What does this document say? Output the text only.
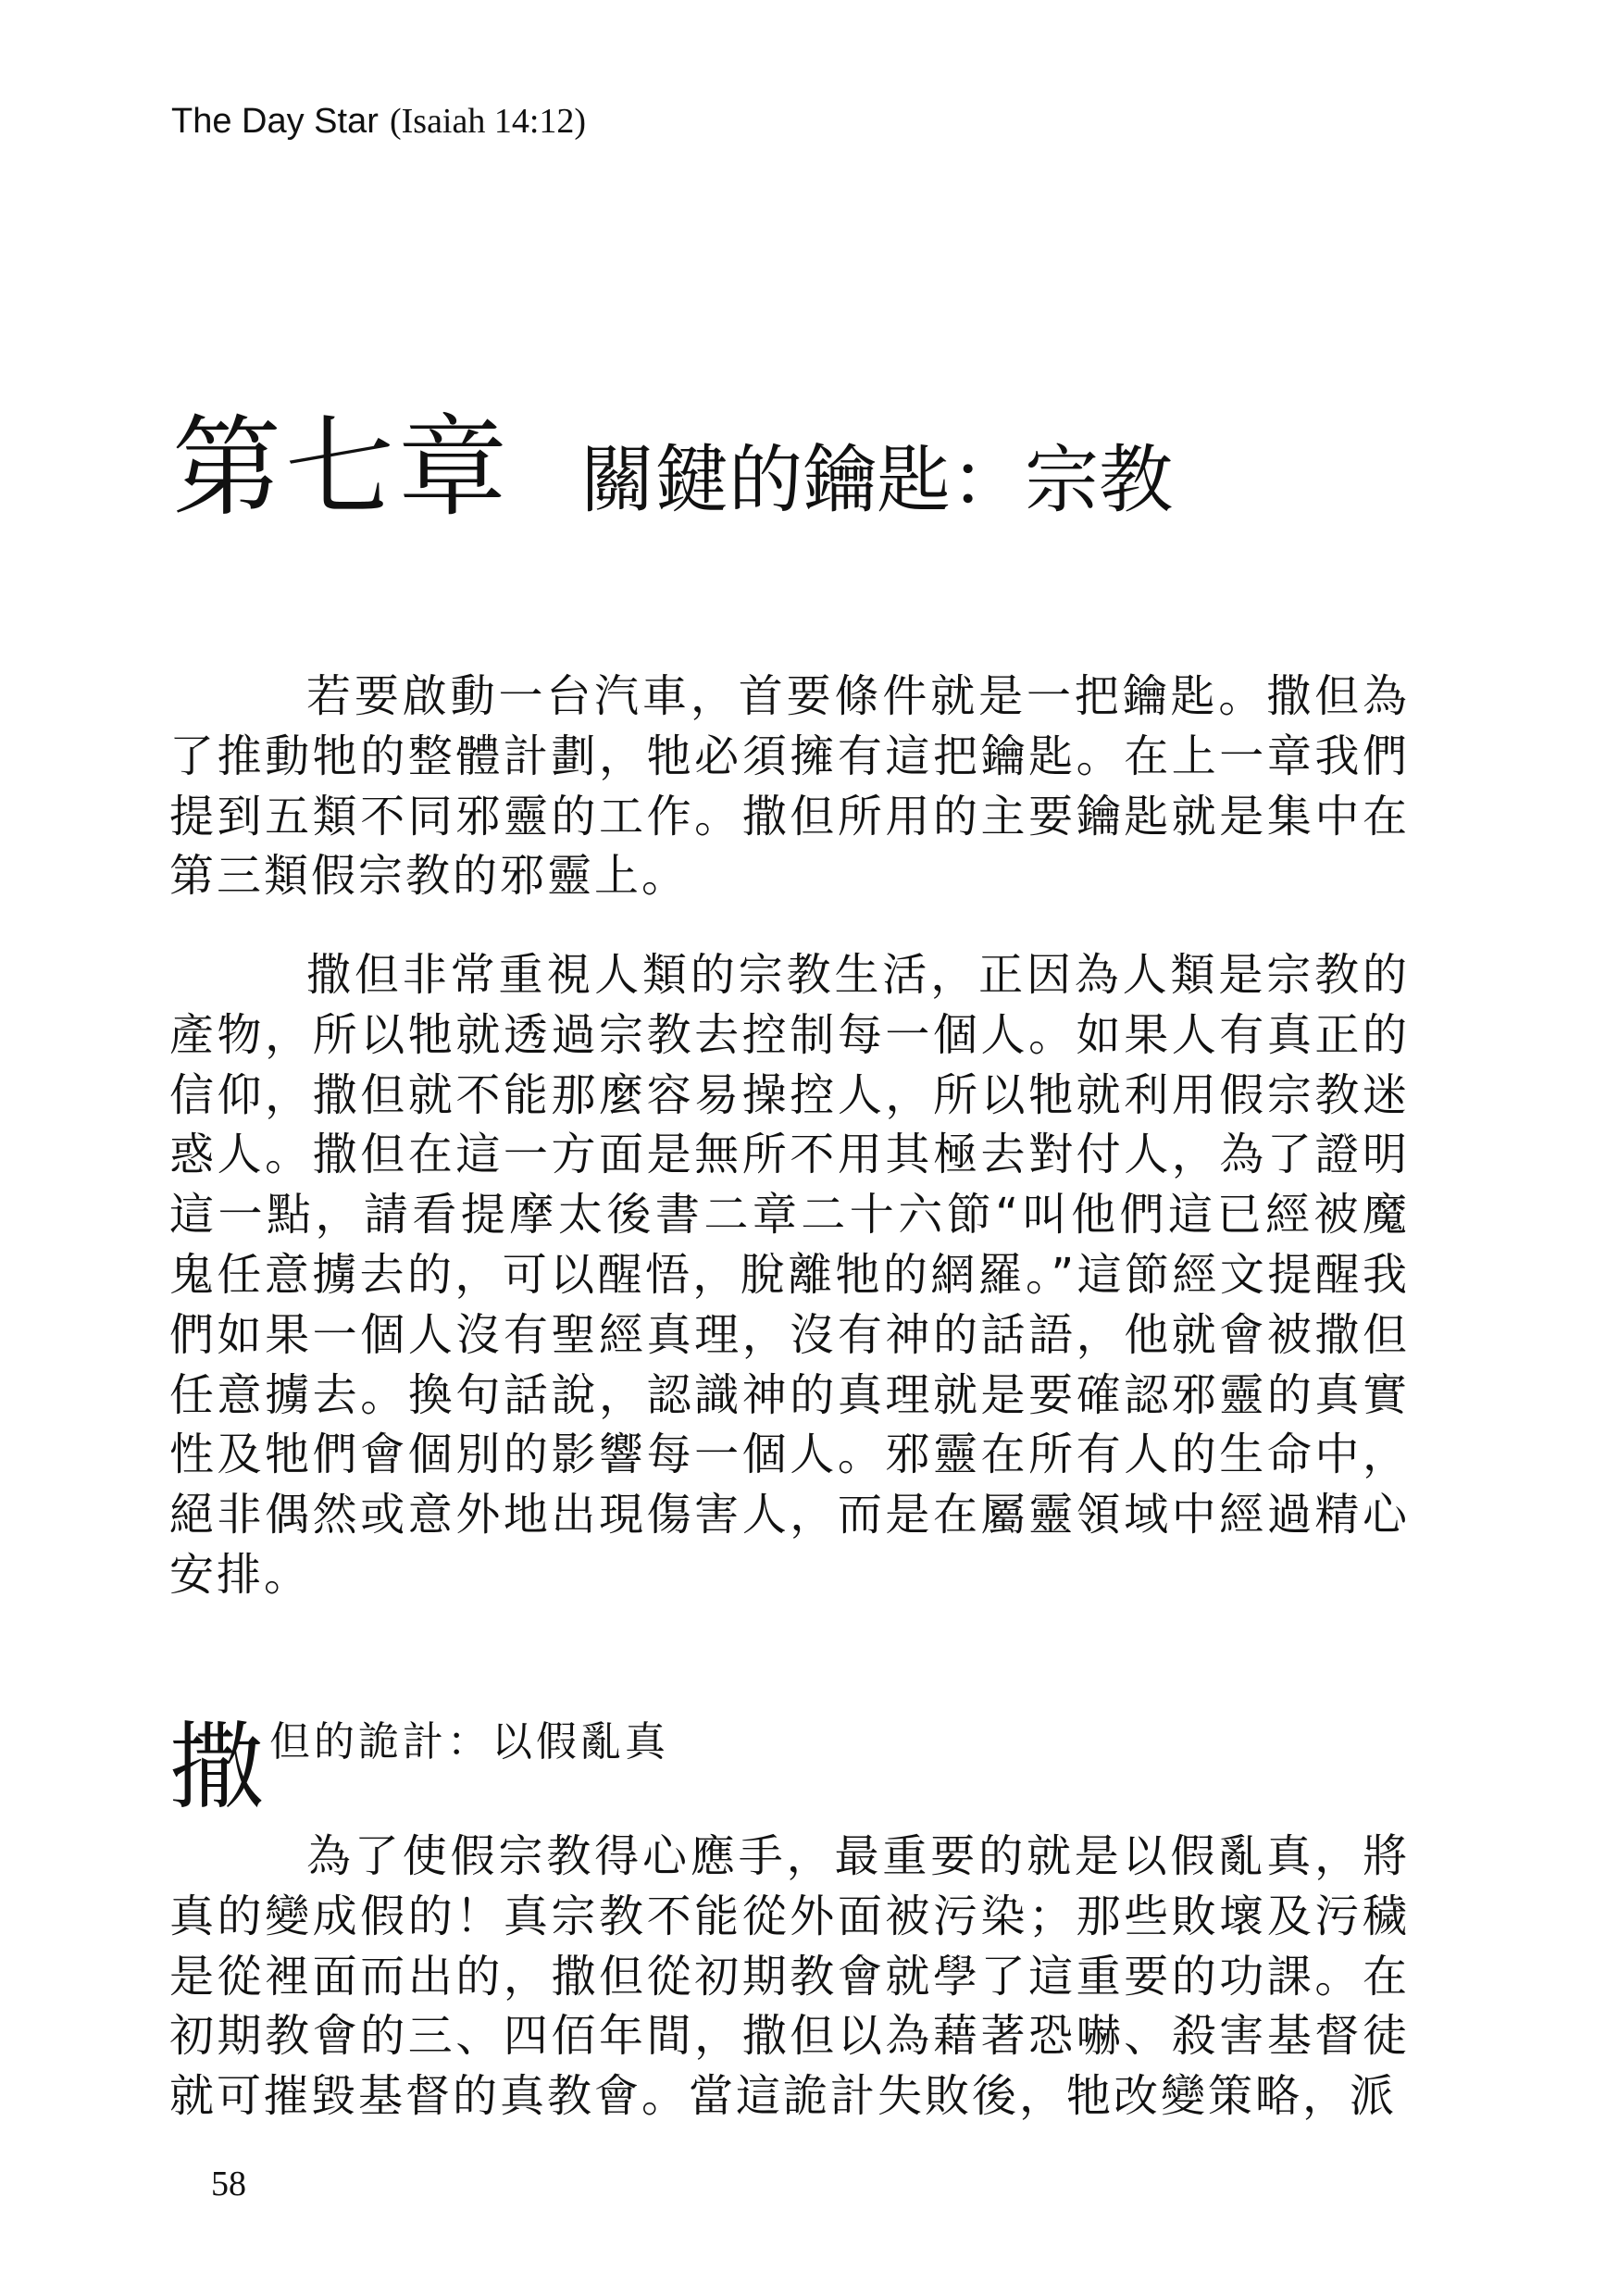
The Day Star (Isaiah 14:12)
第七章 關鍵的鑰匙：宗教

若要啟動一台汽車，首要條件就是一把鑰匙。撒但為了推動牠的整體計劃，牠必須擁有這把鑰匙。在上一章我們提到五類不同邪靈的工作。撒但所用的主要鑰匙就是集中在第三類假宗教的邪靈上。

撒但非常重視人類的宗教生活，正因為人類是宗教的產物，所以牠就透過宗教去控制每一個人。如果人有真正的信仰，撒但就不能那麼容易操控人，所以牠就利用假宗教迷惑人。撒但在這一方面是無所不用其極去對付人，為了證明這一點，請看提摩太後書二章二十六節“叫他們這已經被魔鬼任意擄去的，可以醒悟，脫離牠的網羅。”這節經文提醒我們如果一個人沒有聖經真理，沒有神的話語，他就會被撒但任意擄去。換句話說，認識神的真理就是要確認邪靈的真實性及牠們會個別的影響每一個人。邪靈在所有人的生命中，絕非偶然或意外地出現傷害人，而是在屬靈領域中經過精心安排。

撒 但的詭計：以假亂真

為了使假宗教得心應手，最重要的就是以假亂真，將真的變成假的！真宗教不能從外面被污染；那些敗壞及污穢是從裡面而出的，撒但從初期教會就學了這重要的功課。在初期教會的三、四佰年間，撒但以為藉著恐嚇、殺害基督徒就可摧毀基督的真教會。當這詭計失敗後，牠改變策略，派

58
